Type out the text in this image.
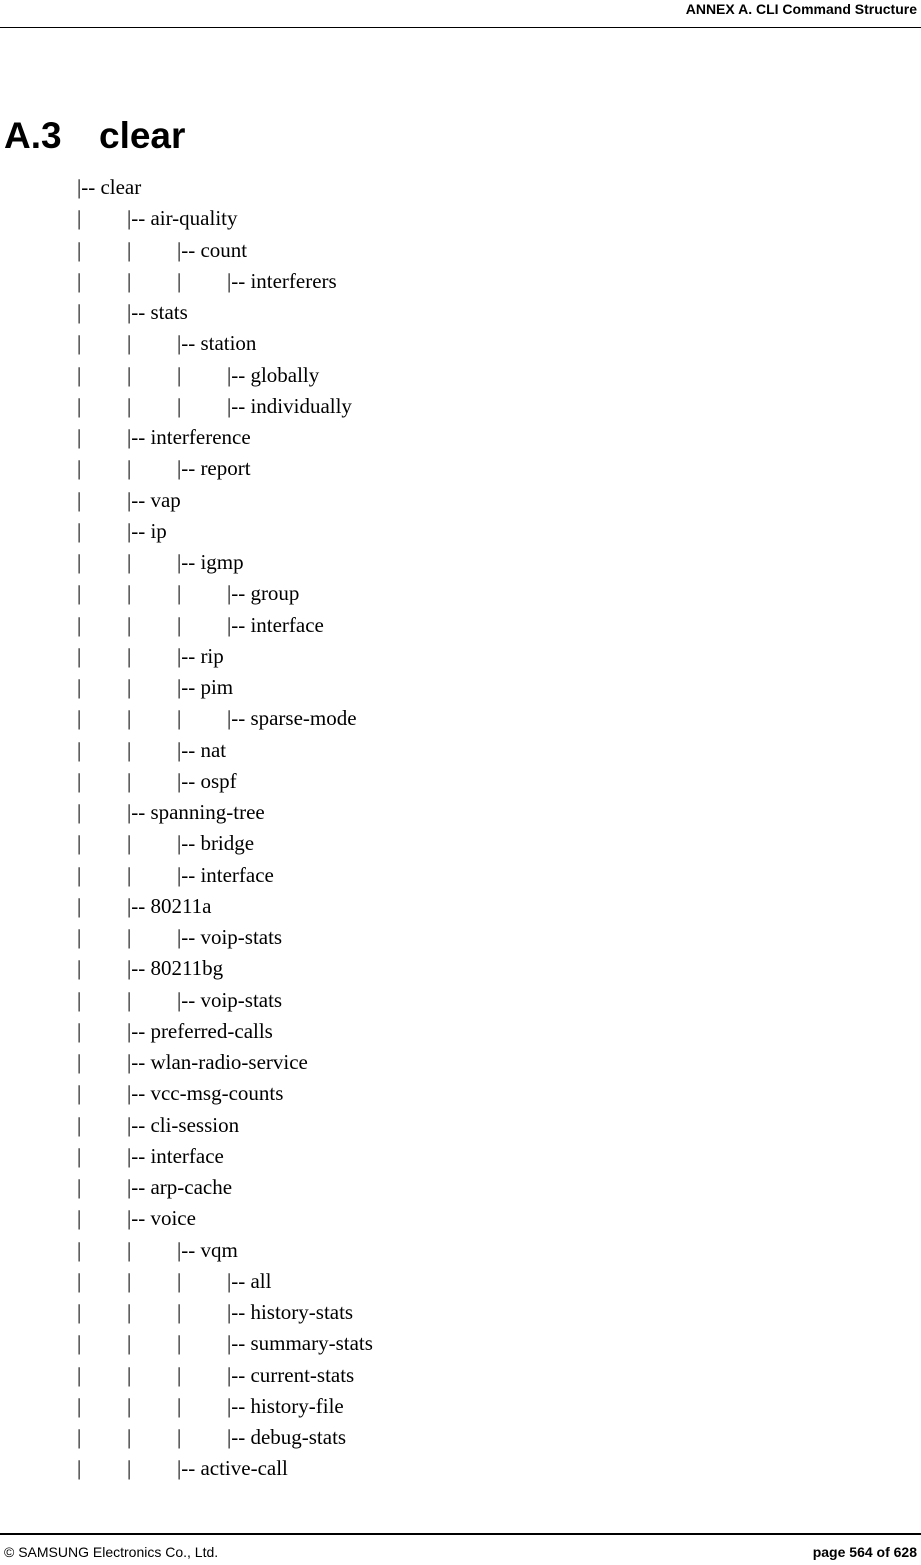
ANNEX A. CLI Command Structure
A.3 clear
|-- clear
| |-- air-quality
| | |-- count
| | | |-- interferers
| |-- stats
| | |-- station
| | | |-- globally
| | | |-- individually
| |-- interference
| | |-- report
| |-- vap
| |-- ip
| | |-- igmp
| | | |-- group
| | | |-- interface
| | |-- rip
| | |-- pim
| | | |-- sparse-mode
| | |-- nat
| | |-- ospf
| |-- spanning-tree
| | |-- bridge
| | |-- interface
| |-- 80211a
| | |-- voip-stats
| |-- 80211bg
| | |-- voip-stats
| |-- preferred-calls
| |-- wlan-radio-service
| |-- vcc-msg-counts
| |-- cli-session
| |-- interface
| |-- arp-cache
| |-- voice
| | |-- vqm
| | | |-- all
| | | |-- history-stats
| | | |-- summary-stats
| | | |-- current-stats
| | | |-- history-file
| | | |-- debug-stats
| | |-- active-call
© SAMSUNG Electronics Co., Ltd.	page 564 of 628
